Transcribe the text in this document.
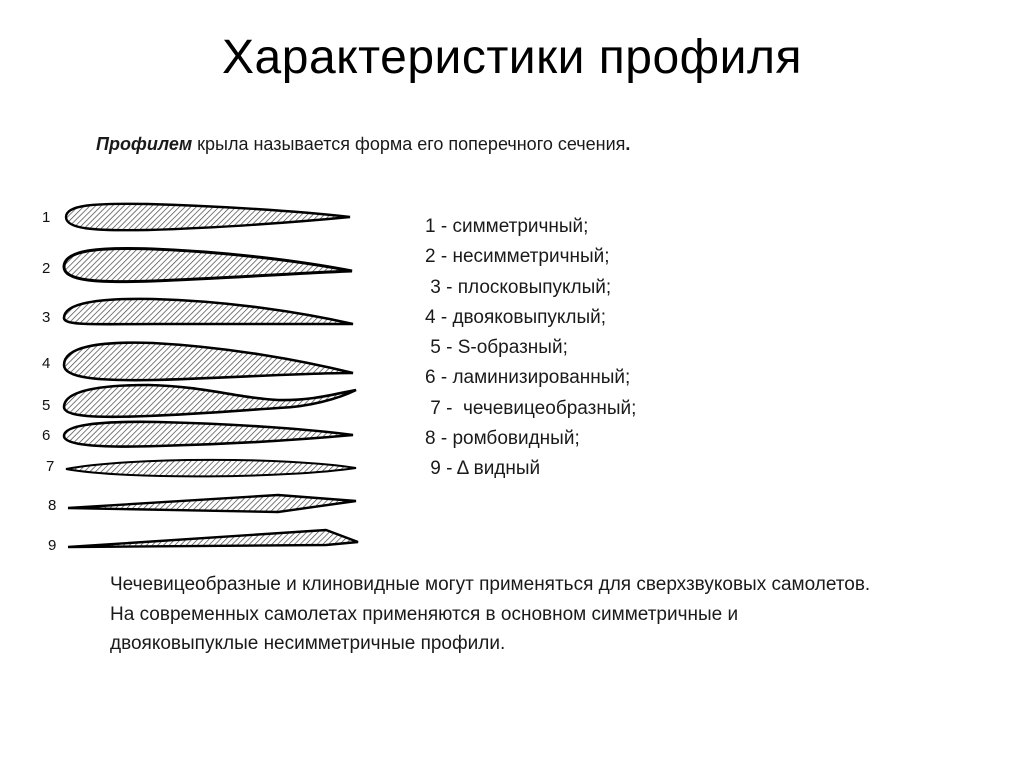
Характеристики профиля
Профилем крыла называется форма его поперечного сечения.
1
2
3
4
5
6
7
8
9
1 - симметричный;
2 - несимметричный;
3 - плосковыпуклый;
4 - двояковыпуклый;
5 - S-образный;
6 - ламинизированный;
7 -  чечевицеобразный;
8 - ромбовидный;
9 - Δ видный

Чечевицеобразные и клиновидные могут применяться для сверхзвуковых самолетов. На современных самолетах применяются в основном симметричные и двояковыпуклые несимметричные профили.
